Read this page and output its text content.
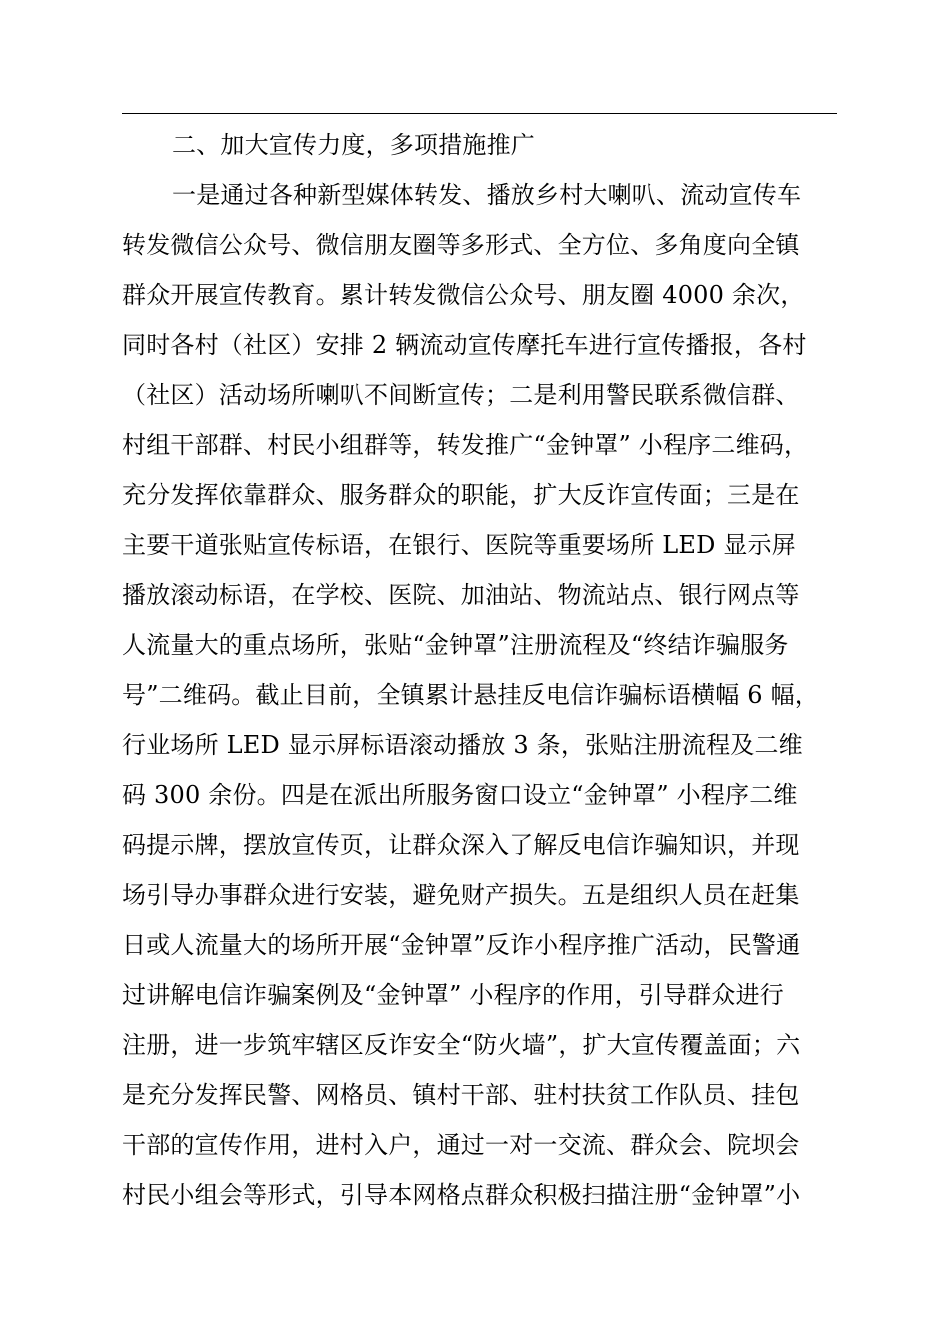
二、加大宣传力度，多项措施推广
一是通过各种新型媒体转发、播放乡村大喇叭、流动宣传车
转发微信公众号、微信朋友圈等多形式、全方位、多角度向全镇
群众开展宣传教育。累计转发微信公众号、朋友圈 4000 余次，
同时各村（社区）安排 2 辆流动宣传摩托车进行宣传播报，各村
（社区）活动场所喇叭不间断宣传；二是利用警民联系微信群、
村组干部群、村民小组群等，转发推广“金钟罩” 小程序二维码，
充分发挥依靠群众、服务群众的职能，扩大反诈宣传面；三是在
主要干道张贴宣传标语，在银行、医院等重要场所 LED 显示屏
播放滚动标语，在学校、医院、加油站、物流站点、银行网点等
人流量大的重点场所，张贴“金钟罩”注册流程及“终结诈骗服务
号”二维码。截止目前，全镇累计悬挂反电信诈骗标语横幅 6 幅，
行业场所 LED 显示屏标语滚动播放 3 条，张贴注册流程及二维
码 300 余份。四是在派出所服务窗口设立“金钟罩” 小程序二维
码提示牌，摆放宣传页，让群众深入了解反电信诈骗知识，并现
场引导办事群众进行安装，避免财产损失。五是组织人员在赶集
日或人流量大的场所开展“金钟罩”反诈小程序推广活动，民警通
过讲解电信诈骗案例及“金钟罩” 小程序的作用，引导群众进行
注册，进一步筑牢辖区反诈安全“防火墙”，扩大宣传覆盖面；六
是充分发挥民警、网格员、镇村干部、驻村扶贫工作队员、挂包
干部的宣传作用，进村入户，通过一对一交流、群众会、院坝会
村民小组会等形式，引导本网格点群众积极扫描注册“金钟罩”小
